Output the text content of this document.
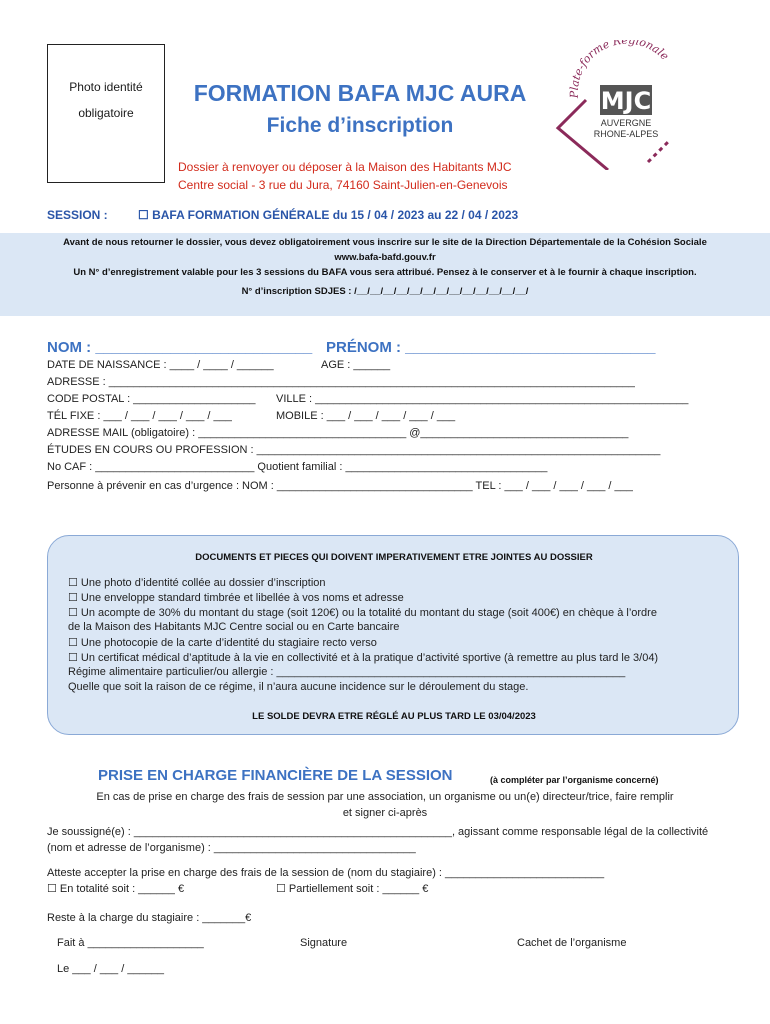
Photo identité
obligatoire
FORMATION BAFA MJC AURA
Fiche d’inscription
Dossier à renvoyer ou déposer à la Maison des Habitants MJC
Centre social - 3 rue du Jura, 74160 Saint-Julien-en-Genevois
Plate-forme Régionale
MJC
AUVERGNE
RHONE-ALPES
SESSION :	☐ BAFA FORMATION GÉNÉRALE du 15 / 04 / 2023 au 22 / 04 / 2023
Avant de nous retourner le dossier, vous devez obligatoirement vous inscrire sur le site de la Direction Départementale de la Cohésion Sociale
www.bafa-bafd.gouv.fr
Un N° d’enregistrement valable pour les 3 sessions du BAFA vous sera attribué. Pensez à le conserver et à le fournir à chaque inscription.
N° d’inscription SDJES : /__/__/__/__/__/__/__/__/__/__/__/__/__/
NOM : __________________________ PRÉNOM : ______________________________
DATE DE NAISSANCE : ____ / ____ / ______	AGE : ______
ADRESSE : ______________________________________________________________________________________
CODE POSTAL : ____________________ VILLE : _____________________________________________________________
TÉL FIXE : ___ / ___ / ___ / ___ / ___	MOBILE : ___ / ___ / ___ / ___ / ___
ADRESSE MAIL (obligatoire) : __________________________________ @__________________________________
ÉTUDES EN COURS OU PROFESSION : __________________________________________________________________
No CAF : __________________________ Quotient familial : _________________________________
Personne à prévenir en cas d’urgence : NOM : ________________________________ TEL : ___ / ___ / ___ / ___ / ___
DOCUMENTS ET PIECES QUI DOIVENT IMPERATIVEMENT ETRE JOINTES AU DOSSIER
☐ Une photo d’identité collée au dossier d’inscription
☐ Une enveloppe standard timbrée et libellée à vos noms et adresse
☐ Un acompte de 30% du montant du stage (soit 120€) ou la totalité du montant du stage (soit 400€) en chèque à l’ordre
de la Maison des Habitants MJC Centre social ou en Carte bancaire
☐ Une photocopie de la carte d’identité du stagiaire recto verso
☐ Un certificat médical d’aptitude à la vie en collectivité et à la pratique d’activité sportive (à remettre au plus tard le 3/04)
Régime alimentaire particulier/ou allergie : _________________________________________________________
Quelle que soit la raison de ce régime, il n’aura aucune incidence sur le déroulement du stage.
LE SOLDE DEVRA ETRE RÉGLÉ AU PLUS TARD LE 03/04/2023
PRISE EN CHARGE FINANCIÈRE DE LA SESSION	(à compléter par l’organisme concerné)
En cas de prise en charge des frais de session par une association, un organisme ou un(e) directeur/trice, faire remplir
et signer ci-après
Je soussigné(e) : ____________________________________________________, agissant comme responsable légal de la collectivité
(nom et adresse de l’organisme) : _________________________________
Atteste accepter la prise en charge des frais de la session de (nom du stagiaire) : __________________________
☐ En totalité soit : ______ €	☐ Partiellement soit : ______ €
Reste à la charge du stagiaire : _______€
Fait à ___________________	Signature	Cachet de l’organisme
Le ___ / ___ / ______
